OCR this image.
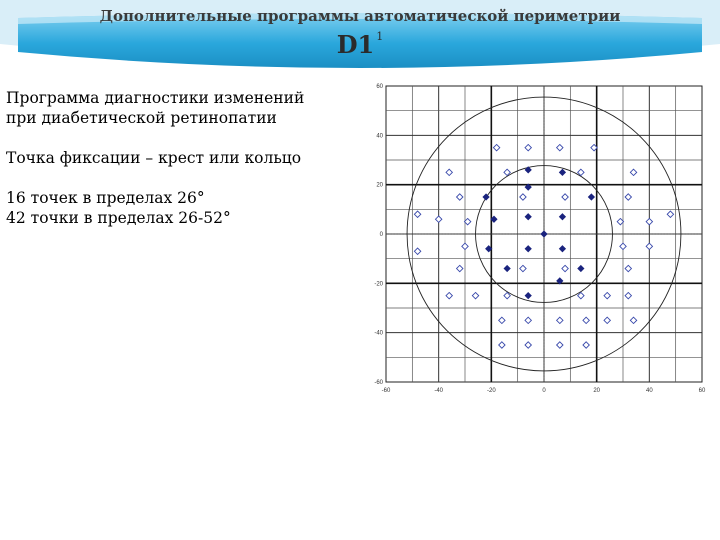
Дополнительные программы автоматической периметрии
D1 $^1$

Программа диагностики изменений
при диабетической ретинопатии

Точка фиксации – крест или кольцо

16 точек в пределах 26°
42 точки в пределах 26-52°

-60	-40	-20	0	20	40	60
60
40
20
0
-20
-40
-60
